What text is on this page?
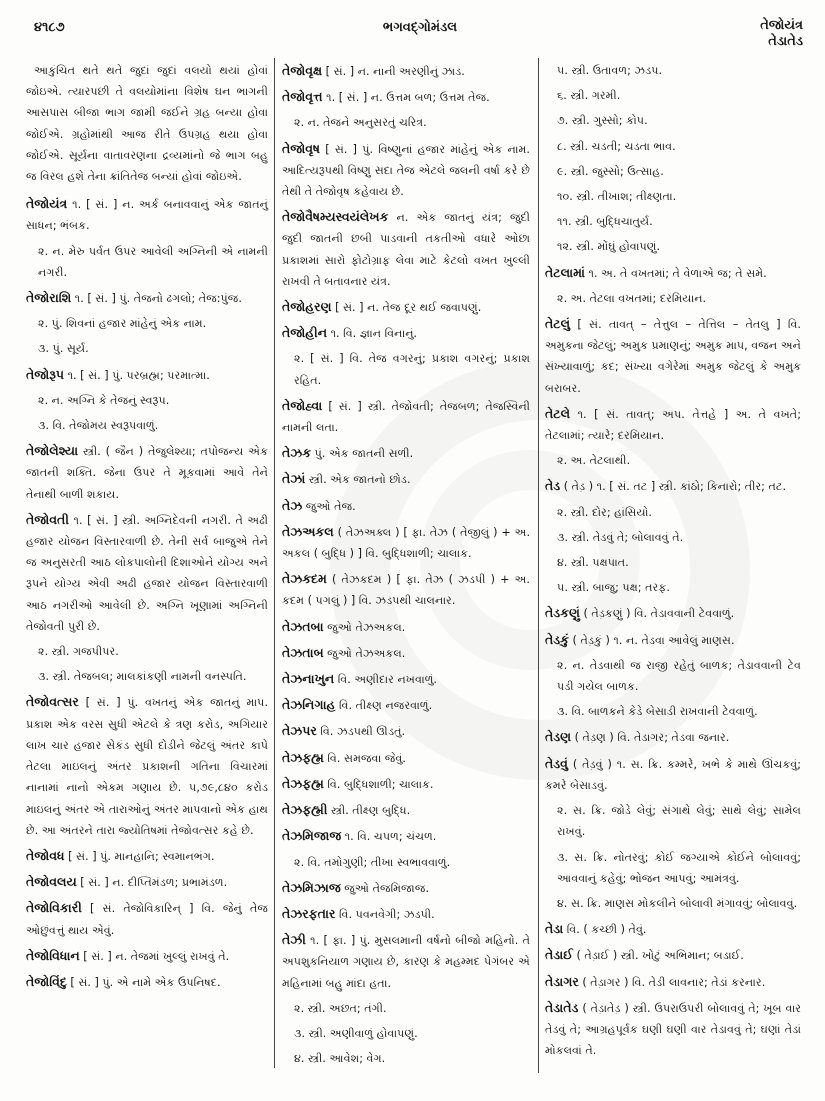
૪૧૮૭	ભગવદ્ગોમંડલ	તેજોયંત્ર
તેડાતેડ
આકુંચિત થતે થતે જુદાં જુદાં વલયો થયાં હોવાં જોઇએ. ત્યારપછી તે વલયોમાંના વિશેષ ઘન ભાગની આસપાસ બીજા ભાગ જામી જઈને ગ્રહ બન્યા હોવા જોઈએ. ગ્રહોમાંથી આજ રીતે ઉપગ્રહ થયા હોવા જોઈએ. સૂર્યના વાતાવરણના દ્રવ્યમાંનો જે ભાગ બહુ જ વિરલ હશે તેના ક્રાંતિતેજ બન્યાં હોવાં જોઇએ.
તેજોયંત્ર ૧. [ સં. ] ન. અર્ક બનાવવાનું એક જાતનું સાધન; ભંબક.
૨. ન. મેરુ પર્વત ઉપર આવેલી અગ્નિની એ નામની નગરી.
તેજોરાશિ ૧. [ સં. ] પું. તેજનો ઢગલો; તેજ:પુંજ.
૨. પું. શિવનાં હજાર માંહેનું એક નામ.
૩. પું. સૂર્ય.
તેજોરૂપ ૧. [ સં. ] પું. પરબ્રહ્મ; પરમાત્મા.
૨. ન. અગ્નિ કે તેજનું સ્વરૂપ.
૩. વિ. તેજોમય સ્વરૂપવાળું.
તેજોલેશ્યા સ્ત્રી. ( જૈન ) તેજુલેશ્યા; તપોજન્ય એક જાતની શક્તિ. જેના ઉપર તે મૂકવામાં આવે તેને તેનાથી બાળી શકાય.
તેજોવતી ૧. [ સં. ] સ્ત્રી. અગ્નિદેવની નગરી. તે અઢી હજાર યોજન વિસ્તારવાળી છે. તેની સર્વ બાજુએ તેને જ અનુસરતી આઠ લોકપાલોની દિશાઓને યોગ્ય અને રૂપને યોગ્ય એવી અઢી હજાર યોજન વિસ્તારવાળી આઠ નગરીઓ આવેલી છે. અગ્નિ ખૂણામાં અગ્નિની તેજોવતી પુરી છે.
૨. સ્ત્રી. ગજપીપર.
૩. સ્ત્રી. તેજબલ; માલકાંકણી નામની વનસ્પતિ.
તેજોવત્સર [ સં. ] પું. વખતનું એક જાતનું માપ. પ્રકાશ એક વરસ સુધી એટલે કે ત્રણ કરોડ, અગિયાર લાખ ચાર હજાર સેકંડ સુધી દોડીને જેટલું અંતર કાપે તેટલા માઇલનું અંતર પ્રકાશની ગતિના વિચારમાં નાનામાં નાનો એકમ ગણાય છે. ૫,૭૯,૮૪૦ કરોડ માઇલનું અંતર એ તારાઓનું અંતર માપવાનો એક હાથ છે. આ અંતરને તારા જ્યોતિષમાં તેજોવત્સર કહે છે.
તેજોવધ [ સં. ] પું. માનહાનિ; સ્વમાનભંગ.
તેજોવલય [ સં. ] ન. દીપ્તિમંડળ; પ્રભામંડળ.
તેજોવિકારી [ સં. તેજોવિકારિન્ ] વિ. જેનું તેજ ઓછુંવત્તું થાય એવું.
તેજોવિધાન [ સં. ] ન. તેજમાં ખુલ્લું રાખવું તે.
તેજોવિંદુ [ સં. ] પું. એ નામે એક ઉપનિષદ.
તેજોવૃક્ષ [ સં. ] ન. નાની અરણીનું ઝાડ.
તેજોવૃત્ત ૧. [ સં. ] ન. ઉત્તમ બળ; ઉત્તમ તેજ.
૨. ન. તેજને અનુસરતું ચરિત્ર.
તેજોવૃષ [ સં. ] પું. વિષ્ણુનાં હજાર માંહેનું એક નામ. આદિત્યરૂપથી વિષ્ણુ સદા તેજ એટલે જલની વર્ષા કરે છે તેથી તે તેજોવૃષ કહેવાય છે.
તેજોવૈષમ્યસ્વયંલેખક ન. એક જાતનું યંત્ર; જુદી જુદી જાતની છબી પાડવાની તકતીઓ વધારે ઓછા પ્રકાશમાં સારો ફોટોગ્રાફ લેવા માટે કેટલો વખત ખુલ્લી રાખવી તે બતાવનાર યંત્ર.
તેજોહરણ [ સં. ] ન. તેજ દૂર થઈ જવાપણું.
તેજોહીન ૧. વિ. જ્ઞાન વિનાનું.
૨. [ સં. ] વિ. તેજ વગરનું; પ્રકાશ વગરનું; પ્રકાશ રહિત.
તેજોહ્વા [ સં. ] સ્ત્રી. તેજોવતી; તેજબળ; તેજસ્વિની નામની લતા.
તેઝક પું. એક જાતની સળી.
તેઝાં સ્ત્રી. એક જાતનો છોડ.
તેઝ જુઓ તેજ.
તેઝઅકલ ( તેઝઅક્લ ) [ ફા. તેઝ ( તેજીલું ) + અ. અકલ ( બુદ્ધિ ) ] વિ. બુદ્ધિશાળી; ચાલાક.
તેઝકદમ ( તેઝકદમ ) [ ફા. તેઝ ( ઝડપી ) + અ. કદમ ( પગલું ) ] વિ. ઝડપથી ચાલનાર.
તેઝતબા જુઓ તેઝઅકલ.
તેઝતાબ જુઓ તેઝઅકલ.
તેઝનાખુન વિ. અણીદાર નખવાળું.
તેઝનિગાહ વિ. તીક્ષ્ણ નજરવાળું.
તેઝપર વિ. ઝડપથી ઊડતું.
તેઝફહ્મ વિ. સમજવા જેવું.
તેઝફહ્મ વિ. બુદ્ધિશાળી; ચાલાક.
તેઝફહ્મી સ્ત્રી. તીક્ષ્ણ બુદ્ધિ.
તેઝમિજાજ ૧. વિ. ચપળ; ચંચળ.
૨. વિ. તમોગુણી; તીખા સ્વભાવવાળું.
તેઝમિઝાજ જુઓ તેજમિજાજ.
તેઝરફતાર વિ. પવનવેગી; ઝડપી.
તેઝી ૧. [ ફા. ] પું. મુસલમાની વર્ષનો બીજો મહિનો. તે અપશુકનિયાળ ગણાય છે, કારણ કે મહમ્મદ પેગંબર એ મહિનામાં બહુ માંદા હતા.
૨. સ્ત્રી. અછત; તંગી.
૩. સ્ત્રી. અણીવાળું હોવાપણું.
૪. સ્ત્રી. આવેશ; વેગ.
૫. સ્ત્રી. ઉતાવળ; ઝડપ.
૬. સ્ત્રી. ગરમી.
૭. સ્ત્રી. ગુસ્સો; કોપ.
૮. સ્ત્રી. ચડતી; ચડતા ભાવ.
૯. સ્ત્રી. જુસ્સો; ઉત્સાહ.
૧૦. સ્ત્રી. તીખાશ; તીક્ષ્ણતા.
૧૧. સ્ત્રી. બુદ્ધિચાતુર્ય.
૧૨. સ્ત્રી. મોંઘું હોવાપણું.
તેટલામાં ૧. અ. તે વખતમાં; તે વેળાએ જ; તે સમે.
૨. અ. તેટલા વખતમાં; દરમિયાન.
તેટલું [ સં. તાવત્ – તેત્તુલ – તેત્તિલ – તેતલુ ] વિ. અમુકના જેટલું; અમુક પ્રમાણનું; અમુક માપ, વજન અને સંખ્યાવાળું; કદ; સંખ્યા વગેરેમાં અમુક જેટલું કે અમુક બરાબર.
તેટલે ૧. [ સં. તાવત્; અપ. તેત્તહે ] અ. તે વખતે; તેટલામાં; ત્યારે; દરમિયાન.
૨. અ. તેટલાથી.
તેડ ( તેડ઼ ) ૧. [ સં. તટ ] સ્ત્રી. કાંઠો; કિનારો; તીર; તટ.
૨. સ્ત્રી. દોર; હાંસિયો.
૩. સ્ત્રી. તેડવું તે; બોલાવવું તે.
૪. સ્ત્રી. પક્ષપાત.
૫. સ્ત્રી. બાજુ; પક્ષ; તરફ.
તેડકણું ( તેડ઼કણું ) વિ. તેડાવવાની ટેવવાળું.
તેડકું ( તેડ઼કું ) ૧. ન. તેડવા આવેલું માણસ.
૨. ન. તેડવાથી જ રાજી રહેતું બાળક; તેડાવવાની ટેવ પડી ગયેલ બાળક.
૩. વિ. બાળકને કેડે બેસાડી રાખવાની ટેવવાળું.
તેડણ ( તેડ઼ણ ) વિ. તેડાગર; તેડવા જનાર.
તેડવું ( તેડ઼વું ) ૧. સ. ક્રિ. કમ્મરે, ખભે કે માથે ઊંચકવું; કમરે બેસાડવું.
૨. સ. ક્રિ. જોડે લેવું; સંગાથે લેવું; સાથે લેવું; સામેલ રાખવું.
૩. સ. ક્રિ. નોતરવું; કોઈ જગ્યાએ કોઈને બોલાવવું; આવવાનું કહેવું; ભોજન આપવું; આમંત્રવું.
૪. સ. ક્રિ. માણસ મોકલીને બોલાવી મંગાવવું; બોલાવવું.
તેડા વિ. ( કચ્છી ) તેવું.
તેડાઈ ( તેડ઼ાઈ ) સ્ત્રી. ખોટું અભિમાન; બડાઈ.
તેડાગર ( તેડ઼ાગર ) વિ. તેડી લાવનાર; તેડાં કરનાર.
તેડાતેડ ( તેડ઼ાતેડ઼ ) સ્ત્રી. ઉપરાઉપરી બોલાવવું તે; ખૂબ વાર તેડવું તે; આગ્રહપૂર્વક ઘણી ઘણી વાર તેડાવવું તે; ઘણાં તેડાં મોકલવાં તે.
